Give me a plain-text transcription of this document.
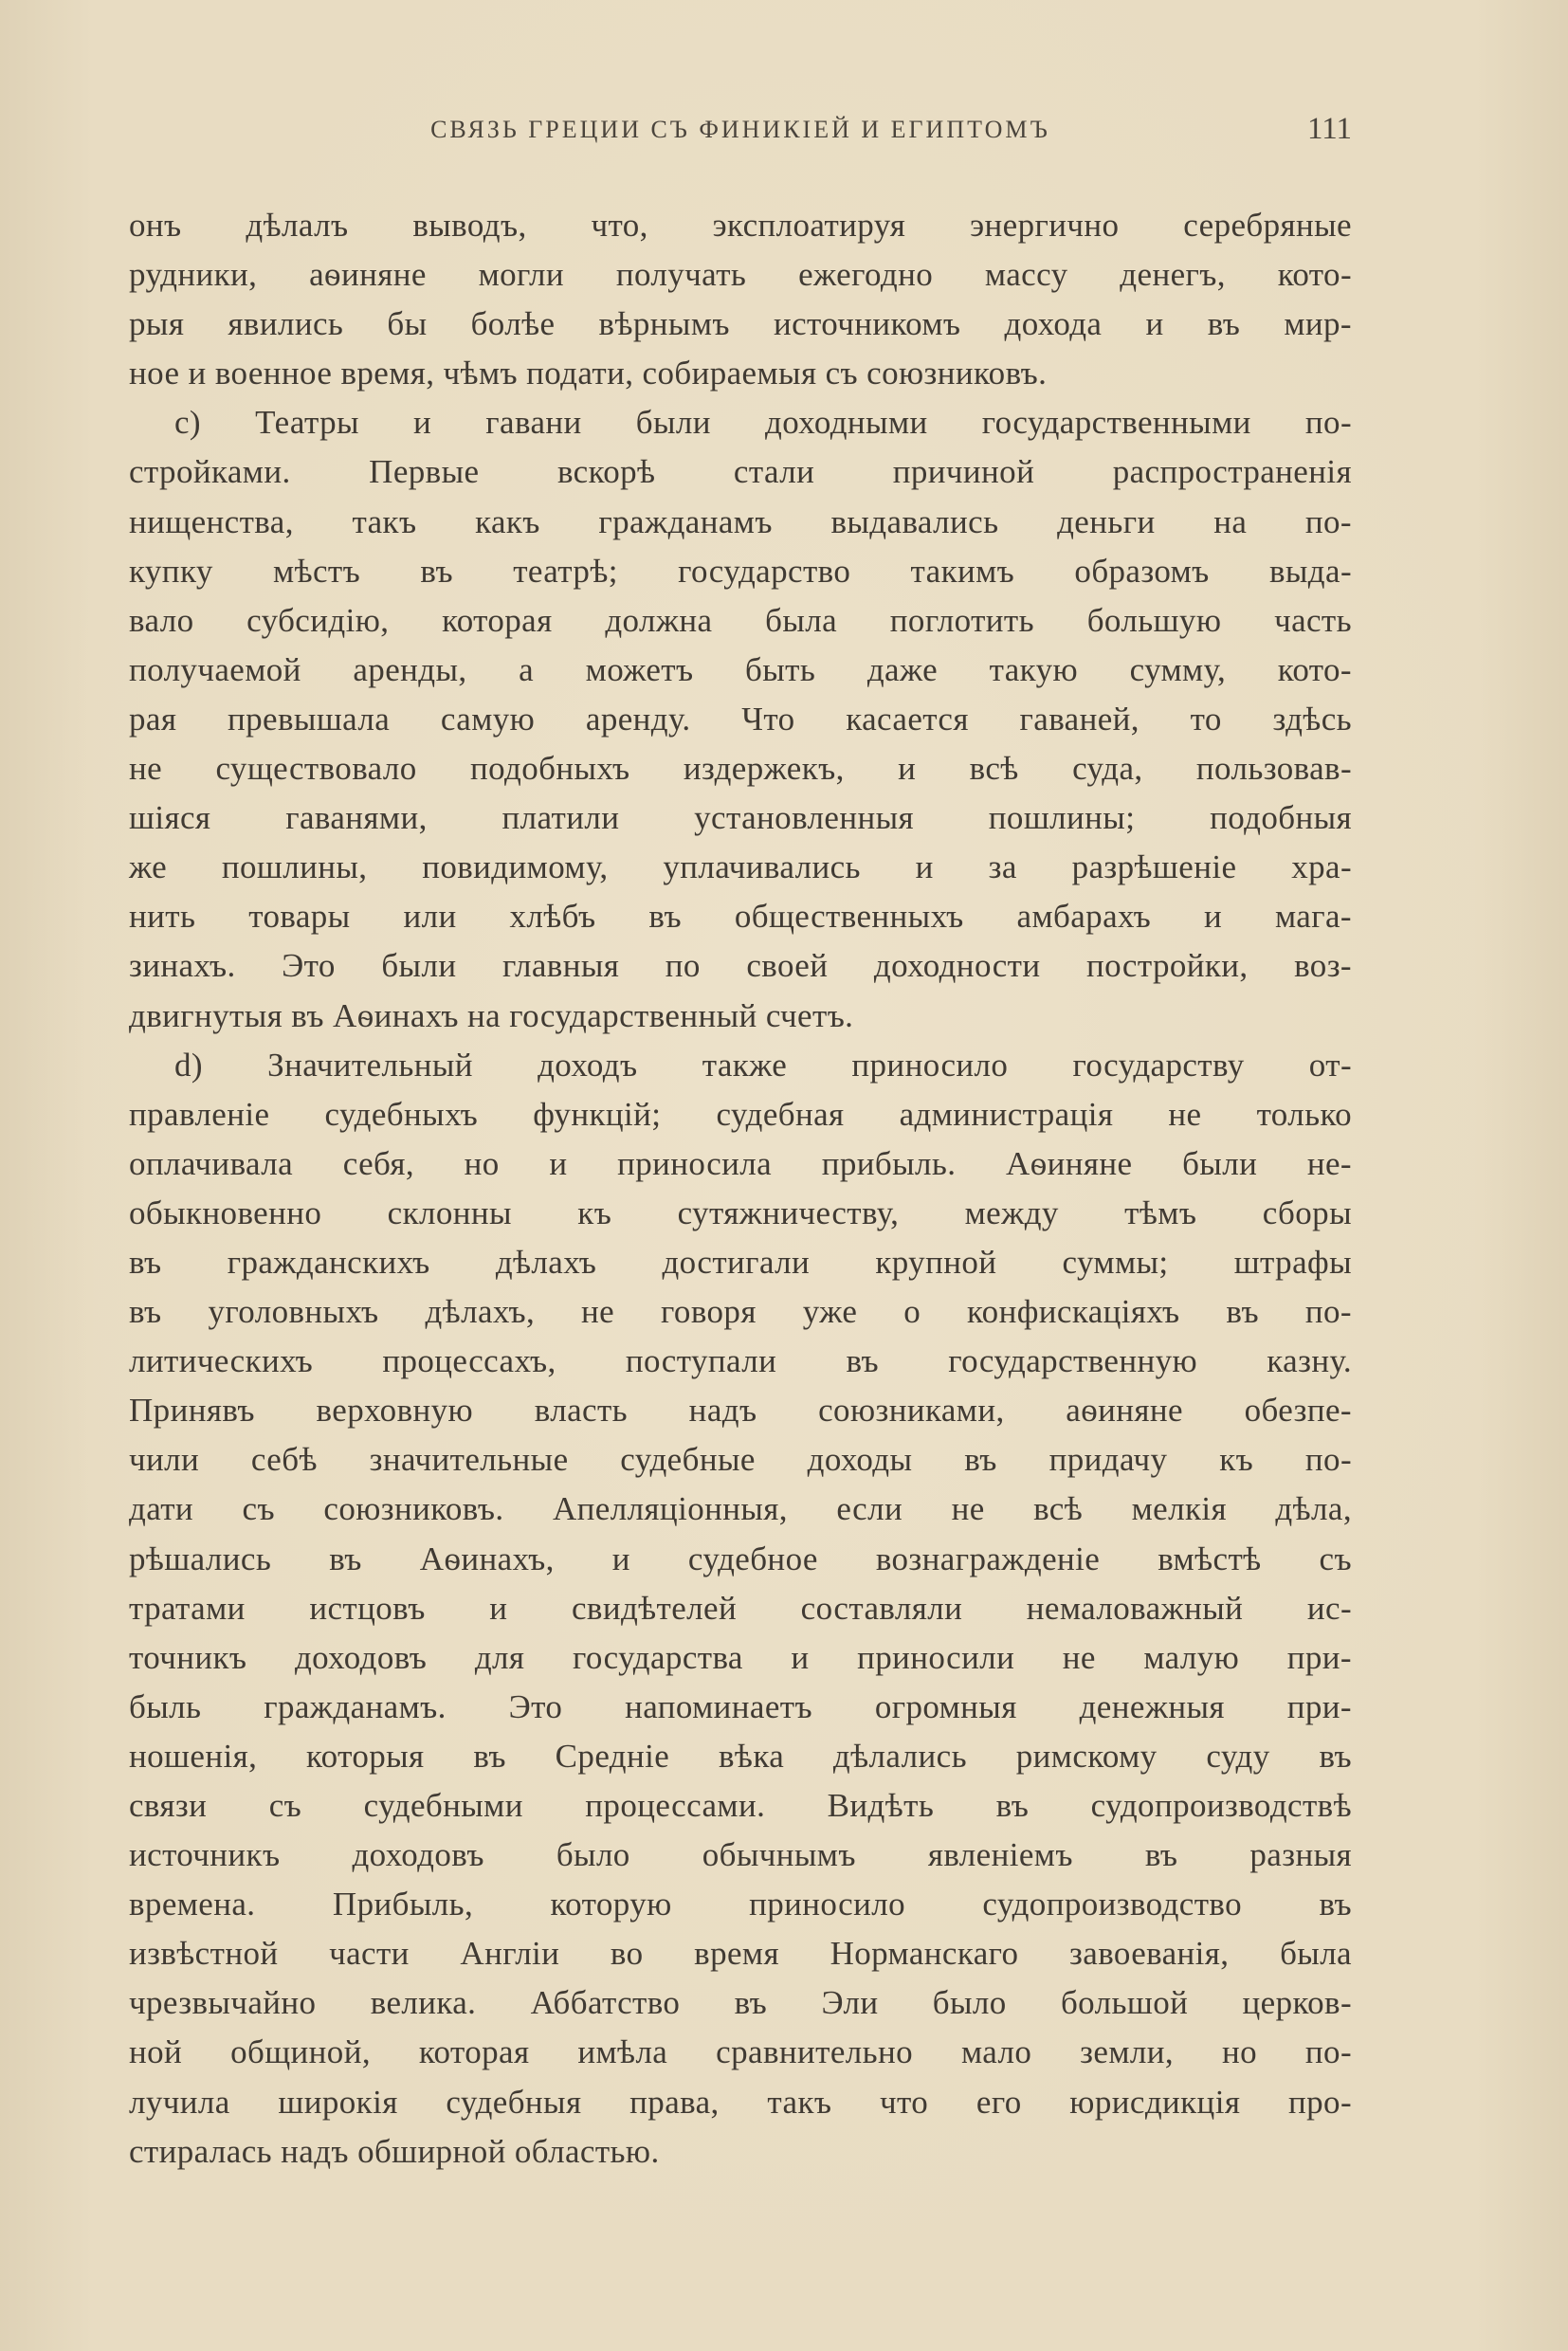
СВЯЗЬ ГРЕЦИИ СЪ ФИНИКІЕЙ И ЕГИПТОМЪ	111
онъ дѣлалъ выводъ, что, эксплоатируя энергично серебряные
рудники, аѳиняне могли получать ежегодно массу денегъ, кото-
рыя явились бы болѣе вѣрнымъ источникомъ дохода и въ мир-
ное и военное время, чѣмъ подати, собираемыя съ союзниковъ.
c) Театры и гавани были доходными государственными по-
стройками. Первые вскорѣ стали причиной распространенія
нищенства, такъ какъ гражданамъ выдавались деньги на по-
купку мѣстъ въ театрѣ; государство такимъ образомъ выда-
вало субсидію, которая должна была поглотить большую часть
получаемой аренды, а можетъ быть даже такую сумму, кото-
рая превышала самую аренду. Что касается гаваней, то здѣсь
не существовало подобныхъ издержекъ, и всѣ суда, пользовав-
шіяся гаванями, платили установленныя пошлины; подобныя
же пошлины, повидимому, уплачивались и за разрѣшеніе хра-
нить товары или хлѣбъ въ общественныхъ амбарахъ и мага-
зинахъ. Это были главныя по своей доходности постройки, воз-
двигнутыя въ Аѳинахъ на государственный счетъ.
d) Значительный доходъ также приносило государству от-
правленіе судебныхъ функцій; судебная администрація не только
оплачивала себя, но и приносила прибыль. Аѳиняне были не-
обыкновенно склонны къ сутяжничеству, между тѣмъ сборы
въ гражданскихъ дѣлахъ достигали крупной суммы; штрафы
въ уголовныхъ дѣлахъ, не говоря уже о конфискаціяхъ въ по-
литическихъ процессахъ, поступали въ государственную казну.
Принявъ верховную власть надъ союзниками, аѳиняне обезпе-
чили себѣ значительные судебные доходы въ придачу къ по-
дати съ союзниковъ. Апелляціонныя, если не всѣ мелкія дѣла,
рѣшались въ Аѳинахъ, и судебное вознагражденіе вмѣстѣ съ
тратами истцовъ и свидѣтелей составляли немаловажный ис-
точникъ доходовъ для государства и приносили не малую при-
быль гражданамъ. Это напоминаетъ огромныя денежныя при-
ношенія, которыя въ Средніе вѣка дѣлались римскому суду въ
связи съ судебными процессами. Видѣть въ судопроизводствѣ
источникъ доходовъ было обычнымъ явленіемъ въ разныя
времена. Прибыль, которую приносило судопроизводство въ
извѣстной части Англіи во время Норманскаго завоеванія, была
чрезвычайно велика. Аббатство въ Эли было большой церков-
ной общиной, которая имѣла сравнительно мало земли, но по-
лучила широкія судебныя права, такъ что его юрисдикція про-
стиралась надъ обширной областью.
